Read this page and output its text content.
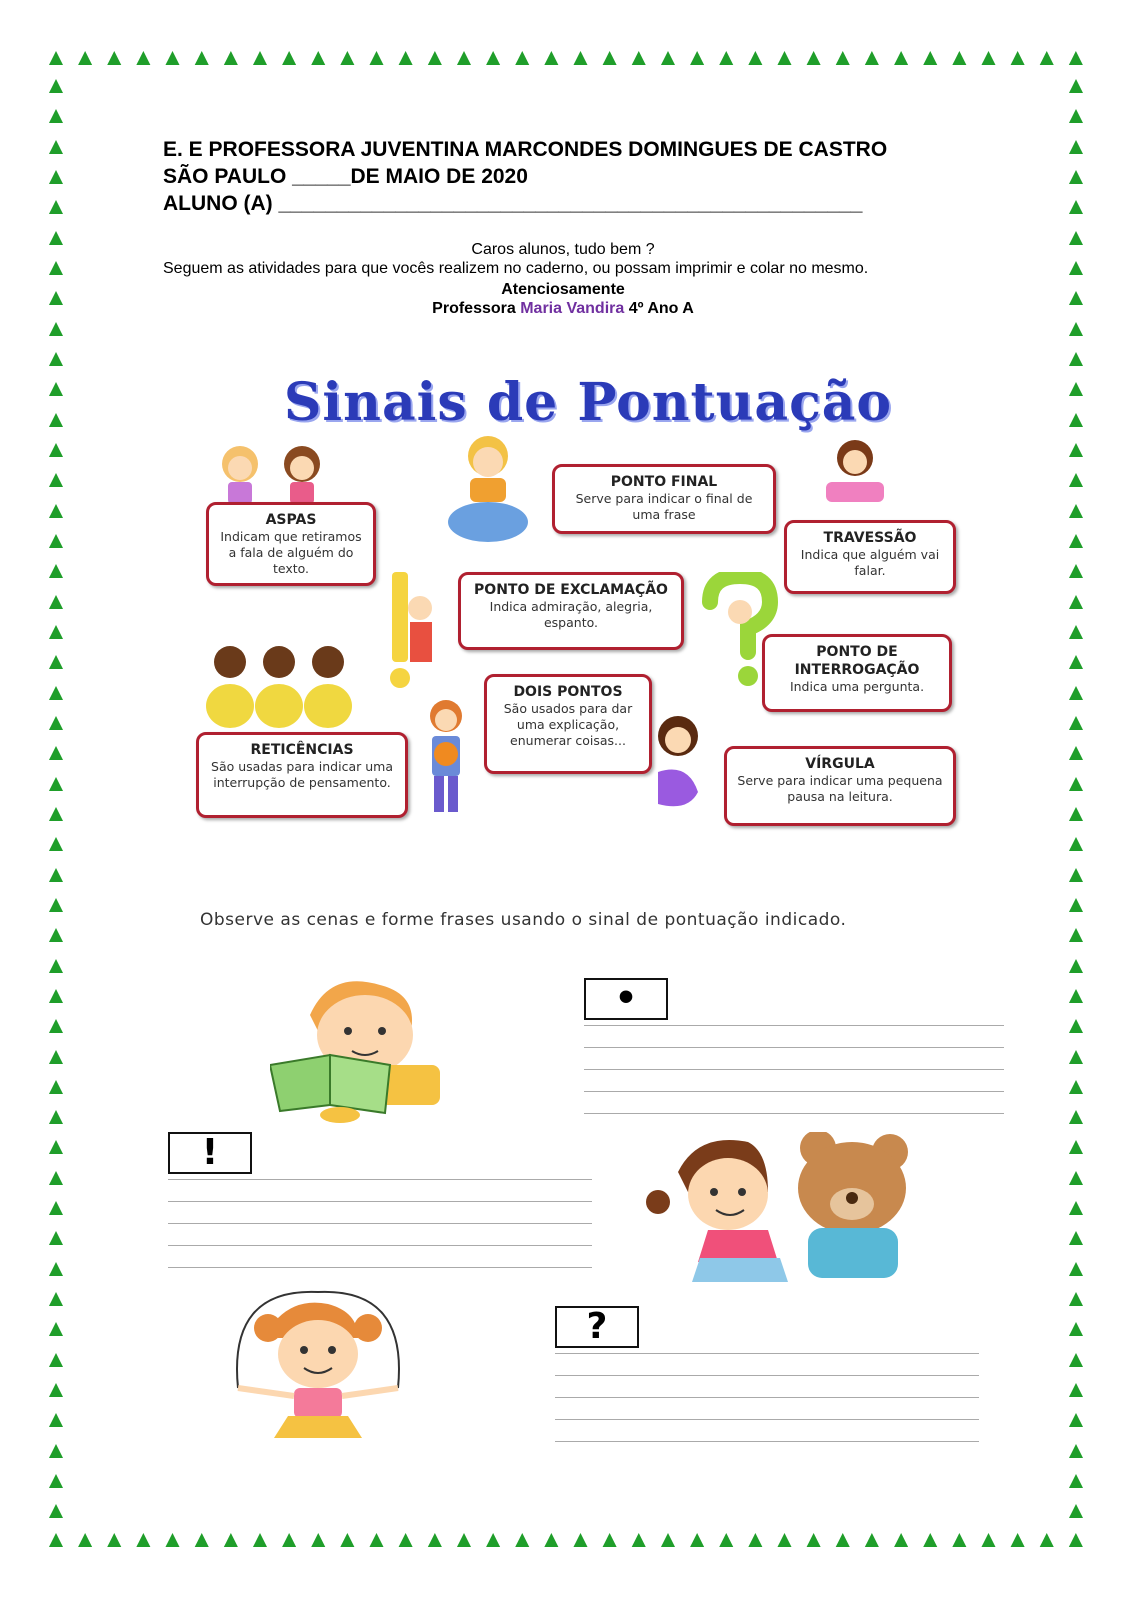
▲ ▲ ▲ ▲ ▲ ▲ ▲ ▲ ▲ ▲ ▲ ▲ ▲ ▲ ▲ ▲ ▲ ▲ ▲ ▲ ▲ ▲ ▲ ▲ ▲ ▲ ▲ ▲ ▲ ▲ ▲ ▲ ▲ ▲ ▲ ▲
▲ ▲ ▲ ▲ ▲ ▲ ▲ ▲ ▲ ▲ ▲ ▲ ▲ ▲ ▲ ▲ ▲ ▲ ▲ ▲ ▲ ▲ ▲ ▲ ▲ ▲ ▲ ▲ ▲ ▲ ▲ ▲ ▲ ▲ ▲ ▲
▲
▲
▲
▲
▲
▲
▲
▲
▲
▲
▲
▲
▲
▲
▲
▲
▲
▲
▲
▲
▲
▲
▲
▲
▲
▲
▲
▲
▲
▲
▲
▲
▲
▲
▲
▲
▲
▲
▲
▲
▲
▲
▲
▲
▲
▲
▲
▲
▲
▲
▲
▲
▲
▲
▲
▲
▲
▲
▲
▲
▲
▲
▲
▲
▲
▲
▲
▲
▲
▲
▲
▲
▲
▲
▲
▲
▲
▲
▲
▲
▲
▲
▲
▲
▲
▲
▲
▲
▲
▲
▲
▲
▲
▲
▲
▲
E. E PROFESSORA JUVENTINA MARCONDES DOMINGUES DE CASTRO
SÃO PAULO _____DE MAIO DE 2020
ALUNO (A) __________________________________________________
Caros alunos, tudo bem ?
Seguem as atividades para que vocês realizem no caderno, ou possam imprimir e colar no mesmo.
Atenciosamente
Professora Maria Vandira 4º Ano A
Sinais de Pontuação
PONTO FINAL
Serve para indicar o final de uma frase
ASPAS
Indicam que retiramos a fala de alguém do texto.
TRAVESSÃO
Indica que alguém vai falar.
PONTO DE EXCLAMAÇÃO
Indica admiração, alegria, espanto.
PONTO DE INTERROGAÇÃO
Indica uma pergunta.
DOIS PONTOS
São usados para dar uma explicação, enumerar coisas...
RETICÊNCIAS
São usadas para indicar uma interrupção de pensamento.
VÍRGULA
Serve para indicar uma pequena pausa na leitura.
Observe as cenas e forme frases usando o sinal de pontuação indicado.
•
!
?
